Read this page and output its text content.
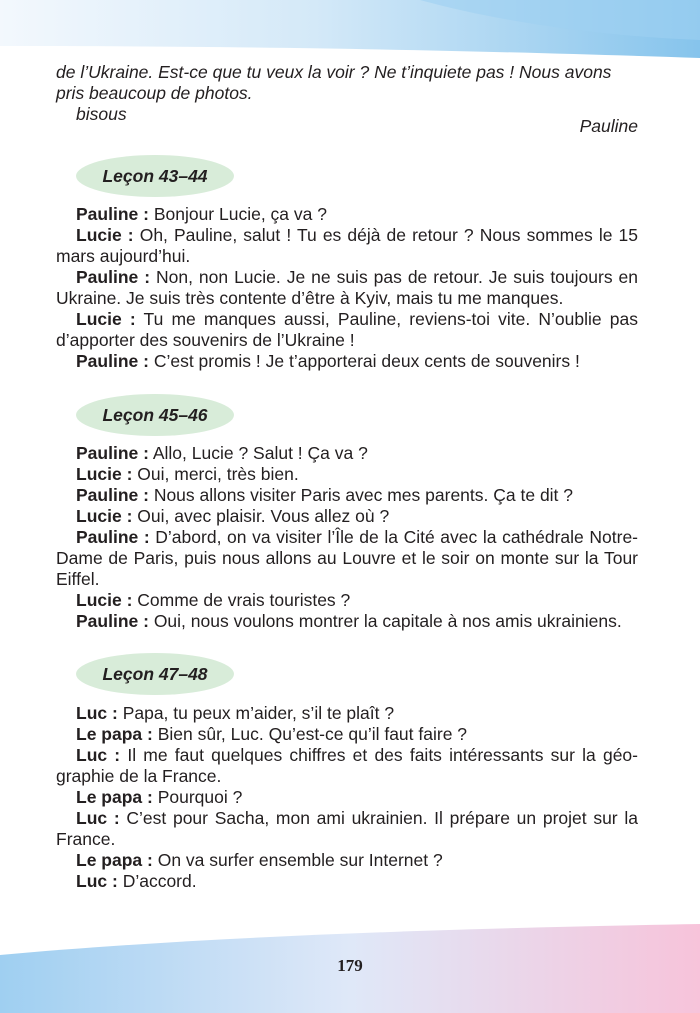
de l’Ukraine. Est-ce que tu veux la voir ? Ne t’inquiete pas ! Nous avons

pris beaucoup de photos.

bisous

Pauline
Leçon 43–44

Pauline : Bonjour Lucie, ça va ?

Lucie : Oh, Pauline, salut ! Tu es déjà de retour ? Nous sommes le 15 mars aujourd’hui.

Pauline : Non, non Lucie. Je ne suis pas de retour. Je suis toujours en Ukraine. Je suis très contente d’être à Kyiv, mais tu me manques.

Lucie : Tu me manques aussi, Pauline, reviens-toi vite. N’oublie pas d’apporter des souvenirs de l’Ukraine !

Pauline : C’est promis ! Je t’apporterai deux cents de souvenirs !

Leçon 45–46

Pauline : Allo, Lucie ? Salut ! Ça va ?

Lucie : Oui, merci, très bien.

Pauline : Nous allons visiter Paris avec mes parents. Ça te dit ?

Lucie : Oui, avec plaisir. Vous allez où ?

Pauline : D’abord, on va visiter l’Île de la Cité avec la cathédrale Notre-Dame de Paris, puis nous allons au Louvre et le soir on monte sur la Tour Eiffel.

Lucie : Comme de vrais touristes ?

Pauline : Oui, nous voulons montrer la capitale à nos amis ukrainiens.

Leçon 47–48

Luc : Papa, tu peux m’aider, s’il te plaît ?

Le papa : Bien sûr, Luc. Qu’est-ce qu’il faut faire ?

Luc : Il me faut quelques chiffres et des faits intéressants sur la géographie de la France.

Le papa : Pourquoi ?

Luc : C’est pour Sacha, mon ami ukrainien. Il prépare un projet sur la France.

Le papa : On va surfer ensemble sur Internet ?

Luc : D’accord.

179
